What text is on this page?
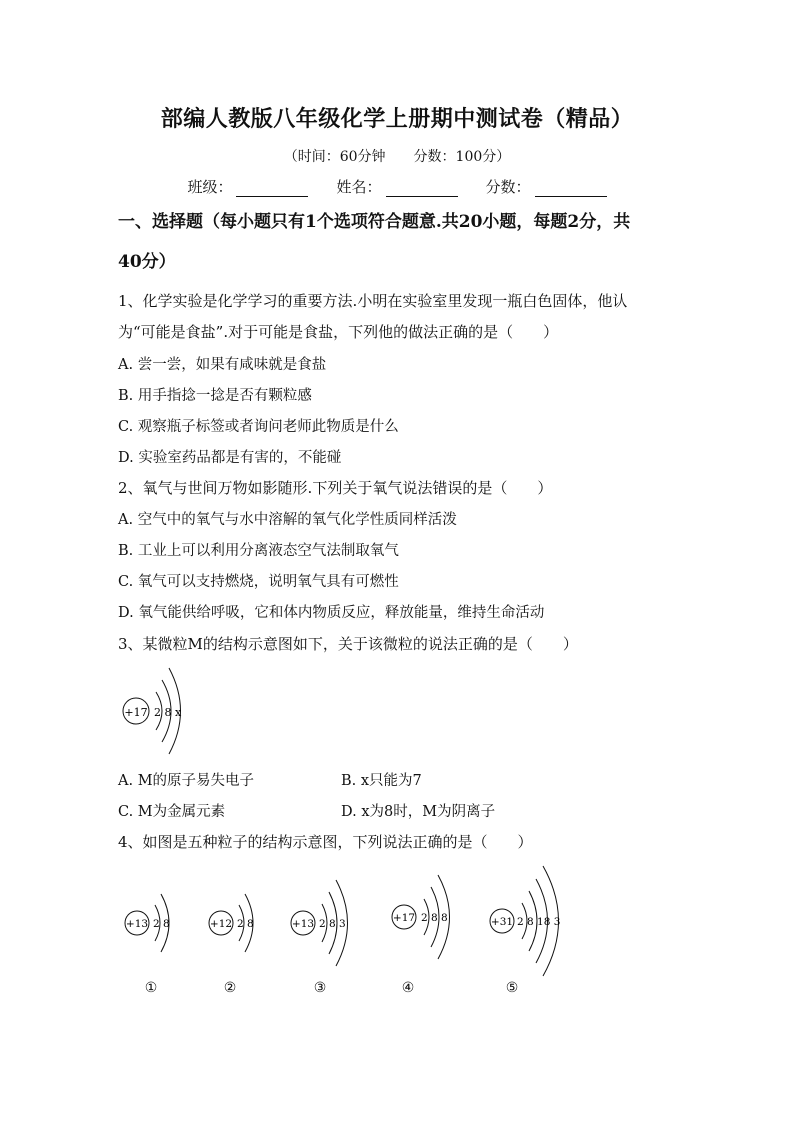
部编人教版八年级化学上册期中测试卷（精品）
（时间：60分钟 分数：100分）
班级：	姓名：	分数：
一、选择题（每小题只有1个选项符合题意.共20小题，每题2分，共
40分）
1、化学实验是化学学习的重要方法.小明在实验室里发现一瓶白色固体，他认
为“可能是食盐”.对于可能是食盐，下列他的做法正确的是（　　）
A. 尝一尝，如果有咸味就是食盐
B. 用手指捻一捻是否有颗粒感
C. 观察瓶子标签或者询问老师此物质是什么
D. 实验室药品都是有害的，不能碰
2、氧气与世间万物如影随形.下列关于氧气说法错误的是（　　）
A. 空气中的氧气与水中溶解的氧气化学性质同样活泼
B. 工业上可以利用分离液态空气法制取氧气
C. 氧气可以支持燃烧，说明氧气具有可燃性
D. 氧气能供给呼吸，它和体内物质反应，释放能量，维持生命活动
3、某微粒M的结构示意图如下，关于该微粒的说法正确的是（　　）
+17 2 8 x
A. M的原子易失电子	B. x只能为7
C. M为金属元素	D. x为8时，M为阴离子
4、如图是五种粒子的结构示意图，下列说法正确的是（　　）
+13 2 8
①
+12 2 8
②
+13 2 8 3
③
+17 2 8 8
④
+31 2 8 18 3
⑤
